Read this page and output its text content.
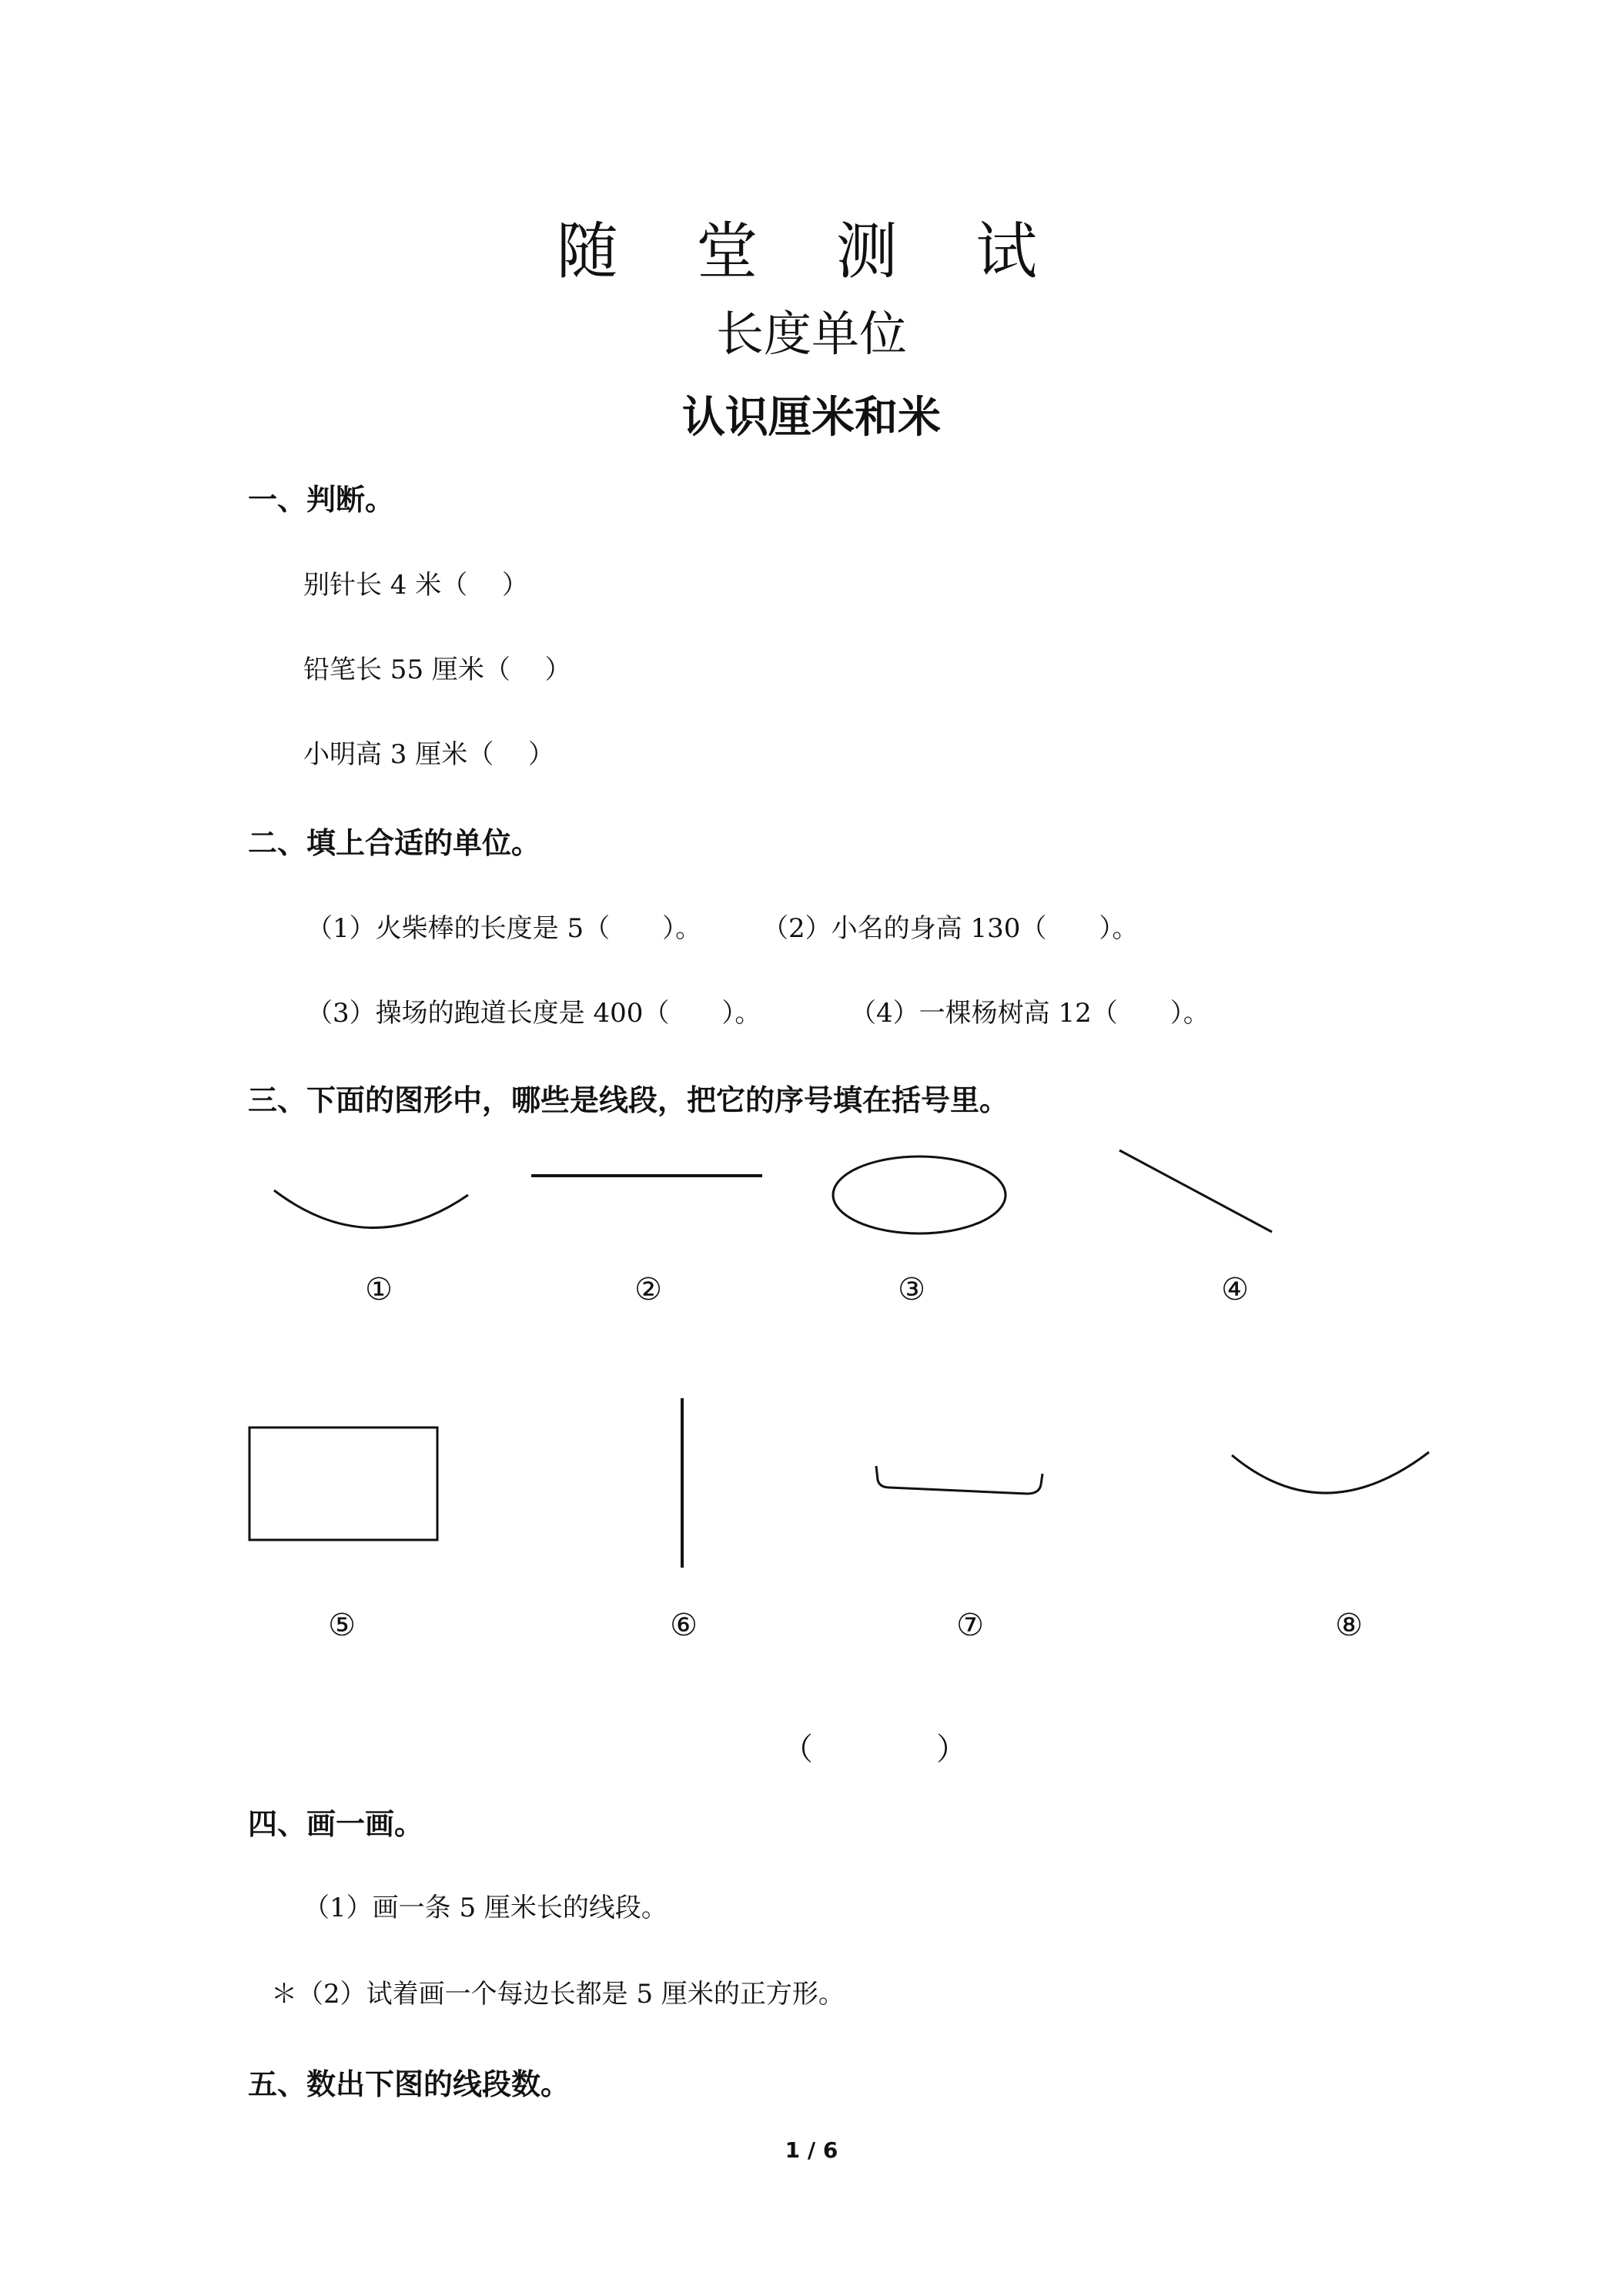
随 堂 测 试
长度单位
认识厘米和米
一、判断。
别针长 4 米（　 ）
铅笔长 55 厘米（　 ）
小明高 3 厘米（　 ）
二、填上合适的单位。
（1）火柴棒的长度是 5（　　）。 （2）小名的身高 130（　　）。
（3）操场的跑道长度是 400（　　）。	（4）一棵杨树高 12（　　）。
三、下面的图形中，哪些是线段，把它的序号填在括号里。
①	②	③	④
⑤	⑥	⑦	⑧
（　　　　）
四、画一画。
（1）画一条 5 厘米长的线段。
＊（2）试着画一个每边长都是 5 厘米的正方形。
五、数出下图的线段数。
1 / 6
